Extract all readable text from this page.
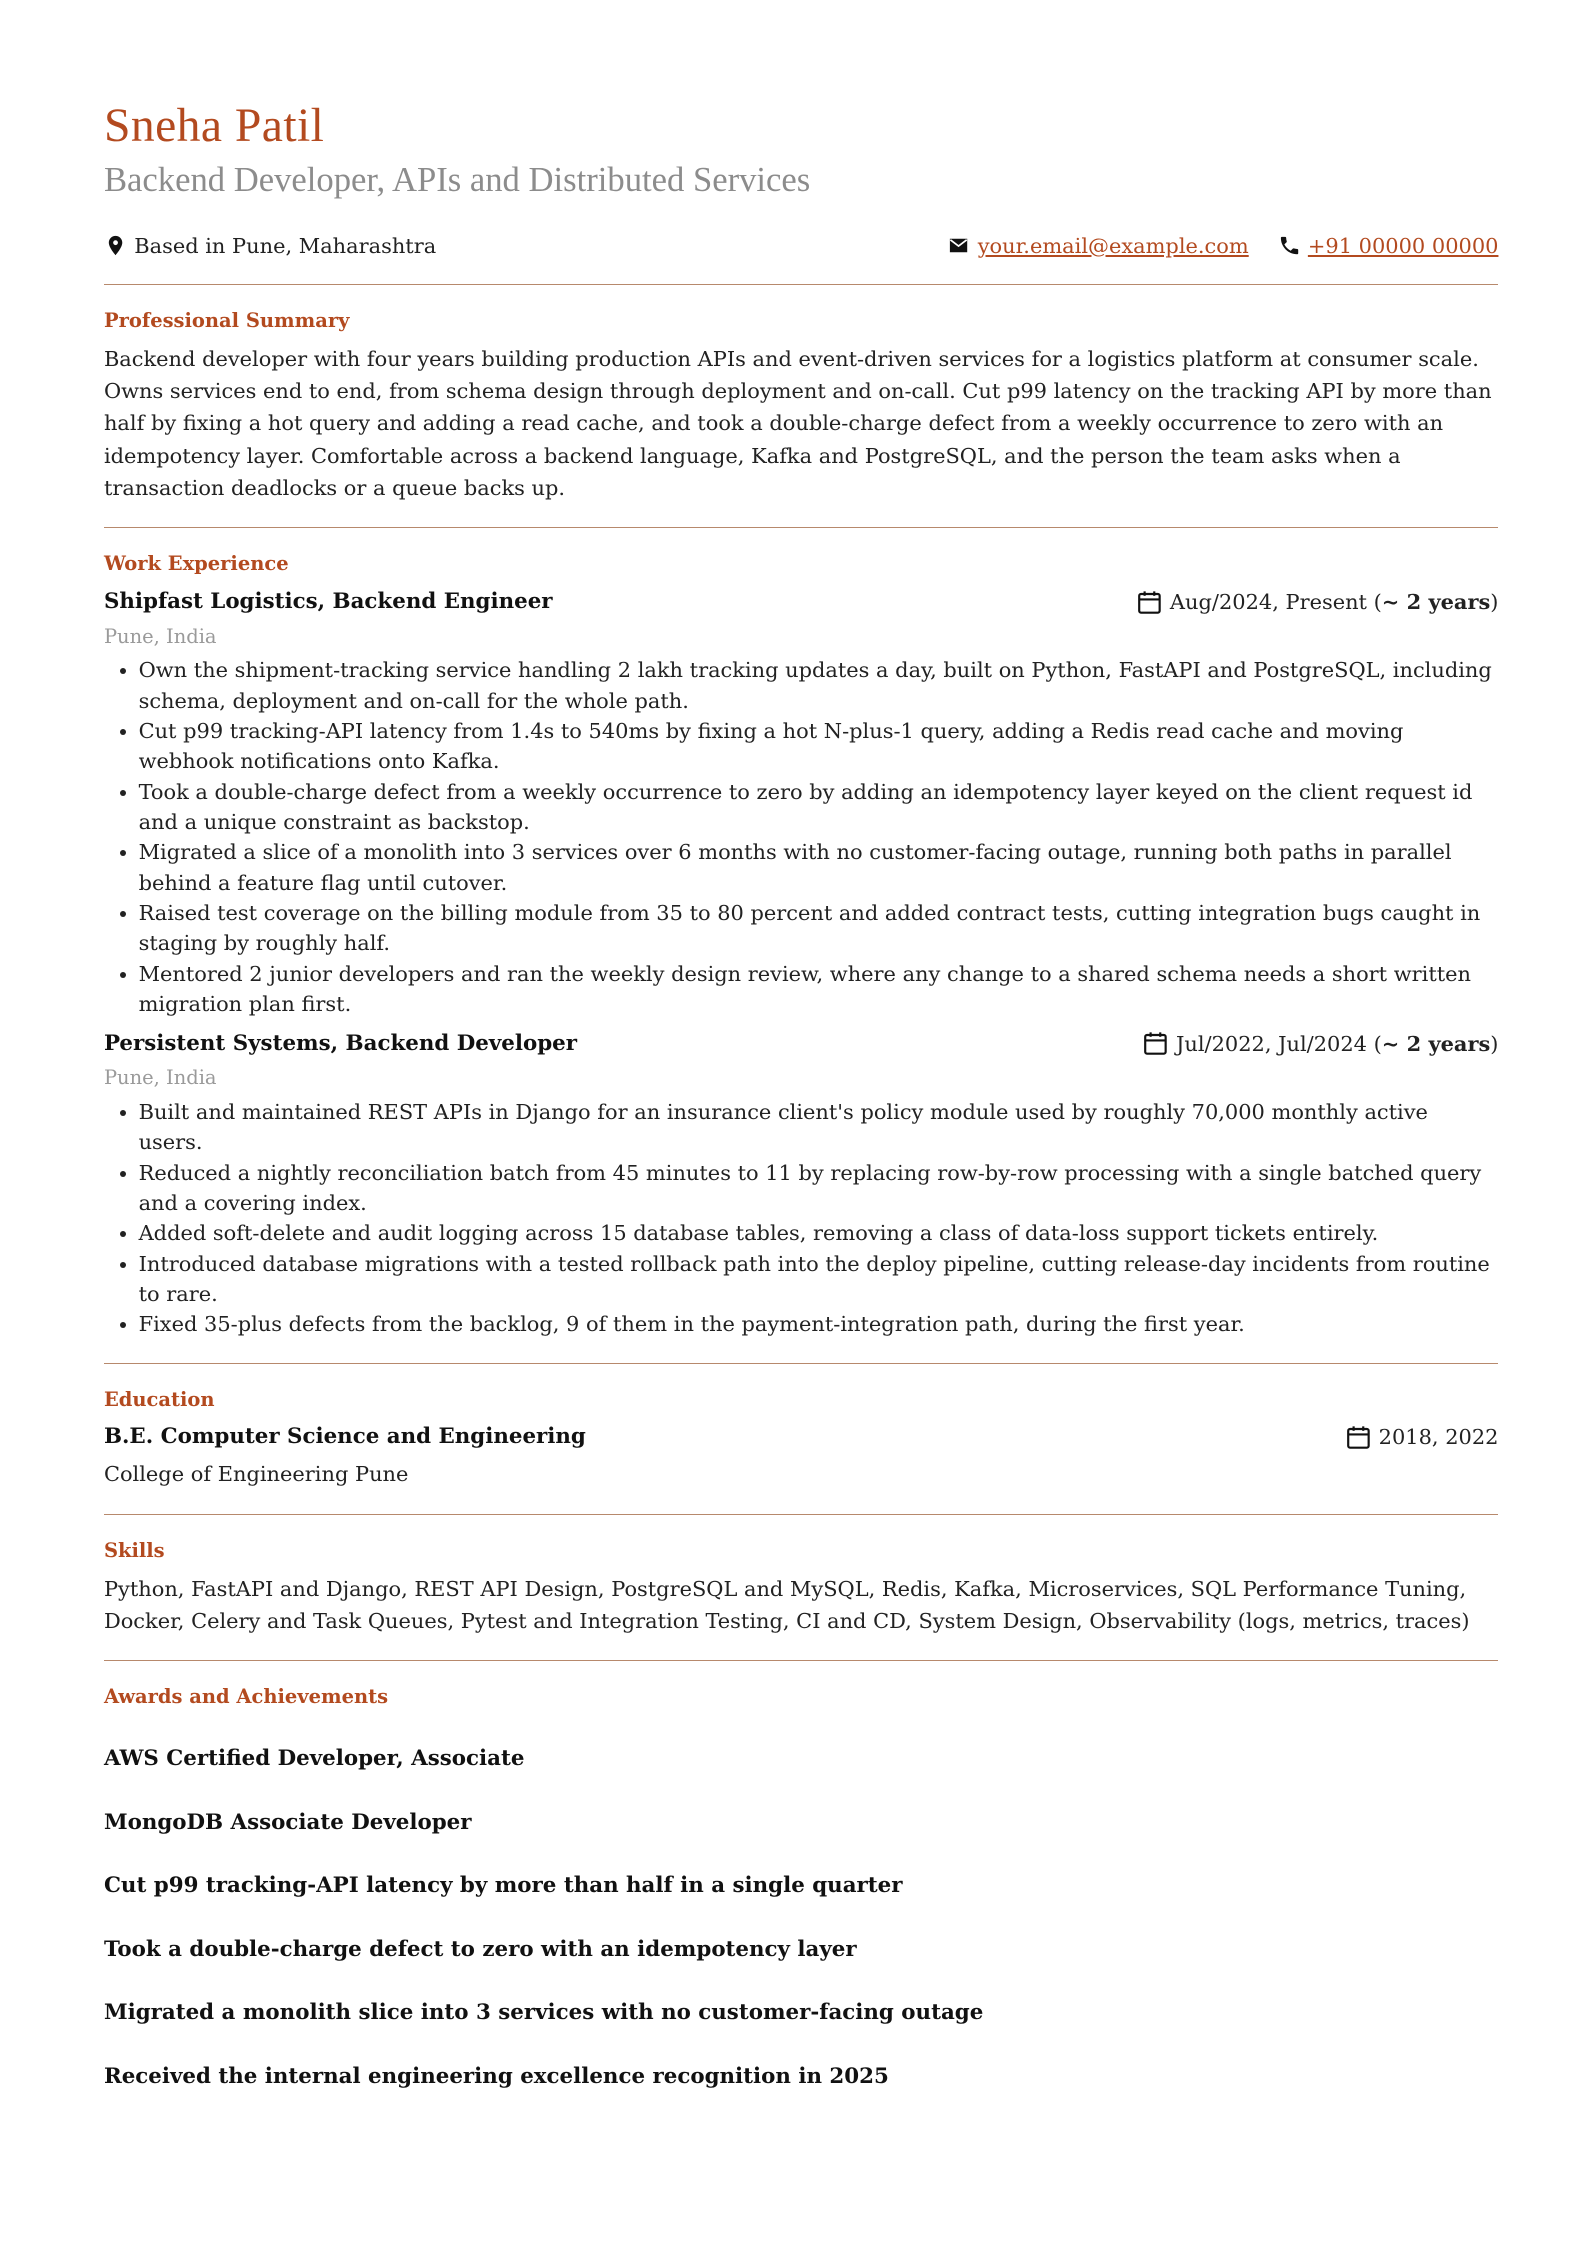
Sneha Patil
Backend Developer, APIs and Distributed Services
Based in Pune, Maharashtra	your.email@example.com	+91 00000 00000
Professional Summary
Backend developer with four years building production APIs and event-driven services for a logistics platform at consumer scale. Owns services end to end, from schema design through deployment and on-call. Cut p99 latency on the tracking API by more than half by fixing a hot query and adding a read cache, and took a double-charge defect from a weekly occurrence to zero with an idempotency layer. Comfortable across a backend language, Kafka and PostgreSQL, and the person the team asks when a transaction deadlocks or a queue backs up.
Work Experience
Shipfast Logistics, Backend Engineer	Aug/2024, Present ( ~ 2 years )
Pune, India
• Own the shipment-tracking service handling 2 lakh tracking updates a day, built on Python, FastAPI and PostgreSQL, including schema, deployment and on-call for the whole path.
• Cut p99 tracking-API latency from 1.4s to 540ms by fixing a hot N-plus-1 query, adding a Redis read cache and moving webhook notifications onto Kafka.
• Took a double-charge defect from a weekly occurrence to zero by adding an idempotency layer keyed on the client request id and a unique constraint as backstop.
• Migrated a slice of a monolith into 3 services over 6 months with no customer-facing outage, running both paths in parallel behind a feature flag until cutover.
• Raised test coverage on the billing module from 35 to 80 percent and added contract tests, cutting integration bugs caught in staging by roughly half.
• Mentored 2 junior developers and ran the weekly design review, where any change to a shared schema needs a short written migration plan first.
Persistent Systems, Backend Developer	Jul/2022, Jul/2024 ( ~ 2 years )
Pune, India
• Built and maintained REST APIs in Django for an insurance client's policy module used by roughly 70,000 monthly active users.
• Reduced a nightly reconciliation batch from 45 minutes to 11 by replacing row-by-row processing with a single batched query and a covering index.
• Added soft-delete and audit logging across 15 database tables, removing a class of data-loss support tickets entirely.
• Introduced database migrations with a tested rollback path into the deploy pipeline, cutting release-day incidents from routine to rare.
• Fixed 35-plus defects from the backlog, 9 of them in the payment-integration path, during the first year.
Education
B.E. Computer Science and Engineering	2018, 2022
College of Engineering Pune
Skills
Python, FastAPI and Django, REST API Design, PostgreSQL and MySQL, Redis, Kafka, Microservices, SQL Performance Tuning, Docker, Celery and Task Queues, Pytest and Integration Testing, CI and CD, System Design, Observability (logs, metrics, traces)
Awards and Achievements
AWS Certified Developer, Associate
MongoDB Associate Developer
Cut p99 tracking-API latency by more than half in a single quarter
Took a double-charge defect to zero with an idempotency layer
Migrated a monolith slice into 3 services with no customer-facing outage
Received the internal engineering excellence recognition in 2025
